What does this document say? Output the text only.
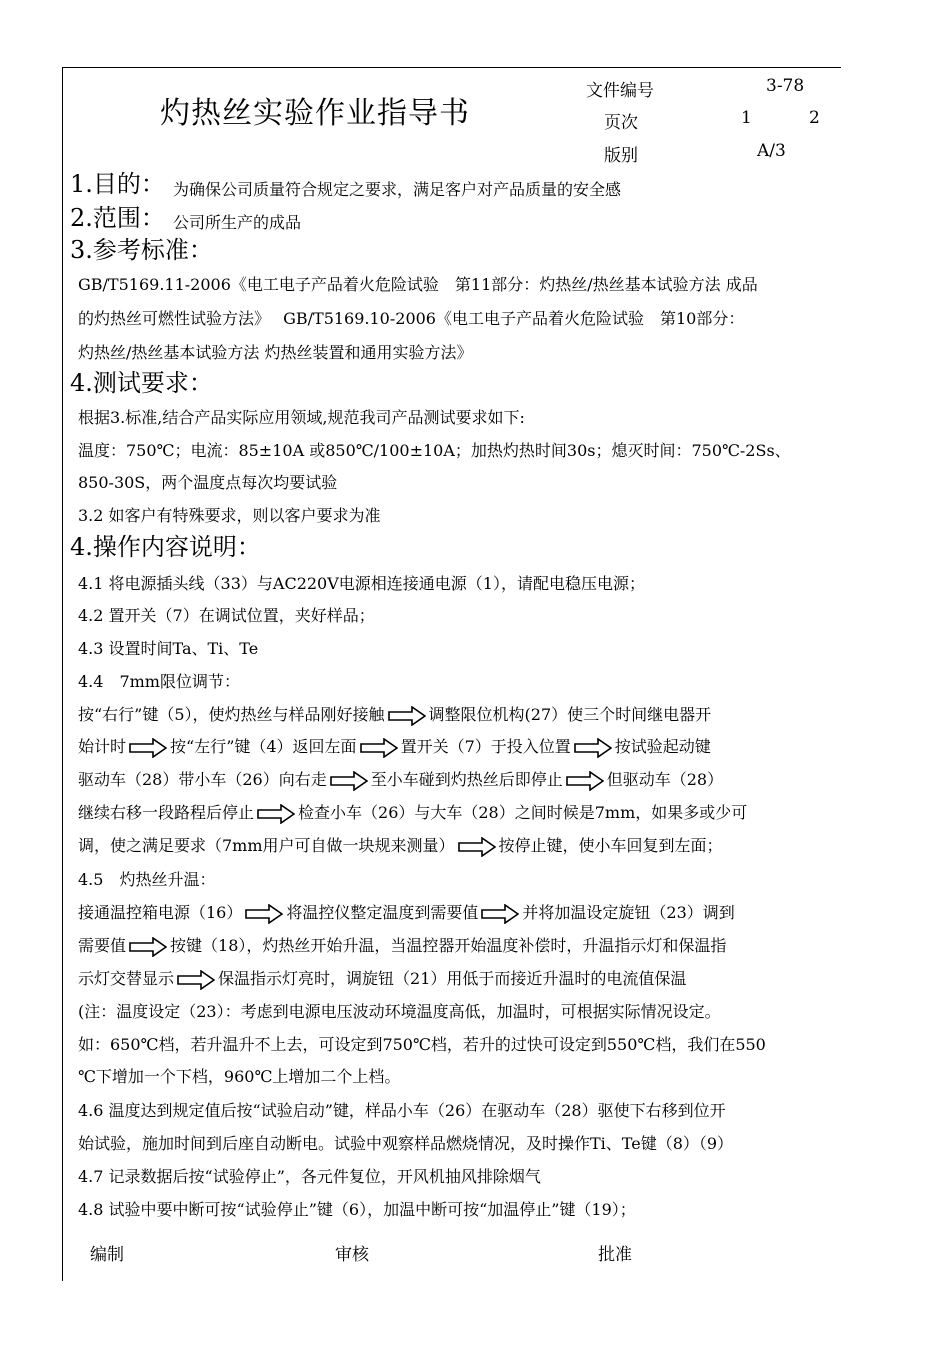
灼热丝实验作业指导书
文件编号	3-78
页次	1	2
版别	A/3
1.目的： 为确保公司质量符合规定之要求，满足客户对产品质量的安全感
2.范围： 公司所生产的成品
3.参考标准：
GB/T5169.11-2006《电工电子产品着火危险试验　第11部分：灼热丝/热丝基本试验方法 成品
的灼热丝可燃性试验方法》　 GB/T5169.10-2006《电工电子产品着火危险试验　第10部分：
灼热丝/热丝基本试验方法 灼热丝装置和通用实验方法》
4.测试要求：
根据3.标准,结合产品实际应用领域,规范我司产品测试要求如下:
温度：750℃；电流：85±10A 或850℃/100±10A；加热灼热时间30s；熄灭时间：750℃-2Ss、
850-30S，两个温度点每次均要试验
3.2 如客户有特殊要求，则以客户要求为准
4.操作内容说明：
4.1 将电源插头线（33）与AC220V电源相连接通电源（1），请配电稳压电源；
4.2 置开关（7）在调试位置，夹好样品；
4.3 设置时间Ta、Ti、Te
4.4　7mm限位调节：
按“右行”键（5），使灼热丝与样品刚好接触	调整限位机构(27）使三个时间继电器开
始计时	按“左行”键（4）返回左面	置开关（7）于投入位置	按试验起动键
驱动车（28）带小车（26）向右走	至小车碰到灼热丝后即停止	但驱动车（28）
继续右移一段路程后停止	检查小车（26）与大车（28）之间时候是7mm，如果多或少可
调，使之满足要求（7mm用户可自做一块规来测量）	按停止键，使小车回复到左面；
4.5　灼热丝升温：
接通温控箱电源（16）	将温控仪整定温度到需要值	并将加温设定旋钮（23）调到
需要值	按键（18），灼热丝开始升温，当温控器开始温度补偿时，升温指示灯和保温指
示灯交替显示	保温指示灯亮时，调旋钮（21）用低于而接近升温时的电流值保温
(注：温度设定（23）：考虑到电源电压波动环境温度高低，加温时，可根据实际情况设定。
如：650℃档，若升温升不上去，可设定到750℃档，若升的过快可设定到550℃档，我们在550
℃下增加一个下档，960℃上增加二个上档。
4.6 温度达到规定值后按“试验启动”键，样品小车（26）在驱动车（28）驱使下右移到位开
始试验，施加时间到后座自动断电。试验中观察样品燃烧情况，及时操作Ti、Te键（8）（9）
4.7 记录数据后按“试验停止”，各元件复位，开风机抽风排除烟气
4.8 试验中要中断可按“试验停止”键（6），加温中断可按“加温停止”键（19）；
编制	审核	批准
